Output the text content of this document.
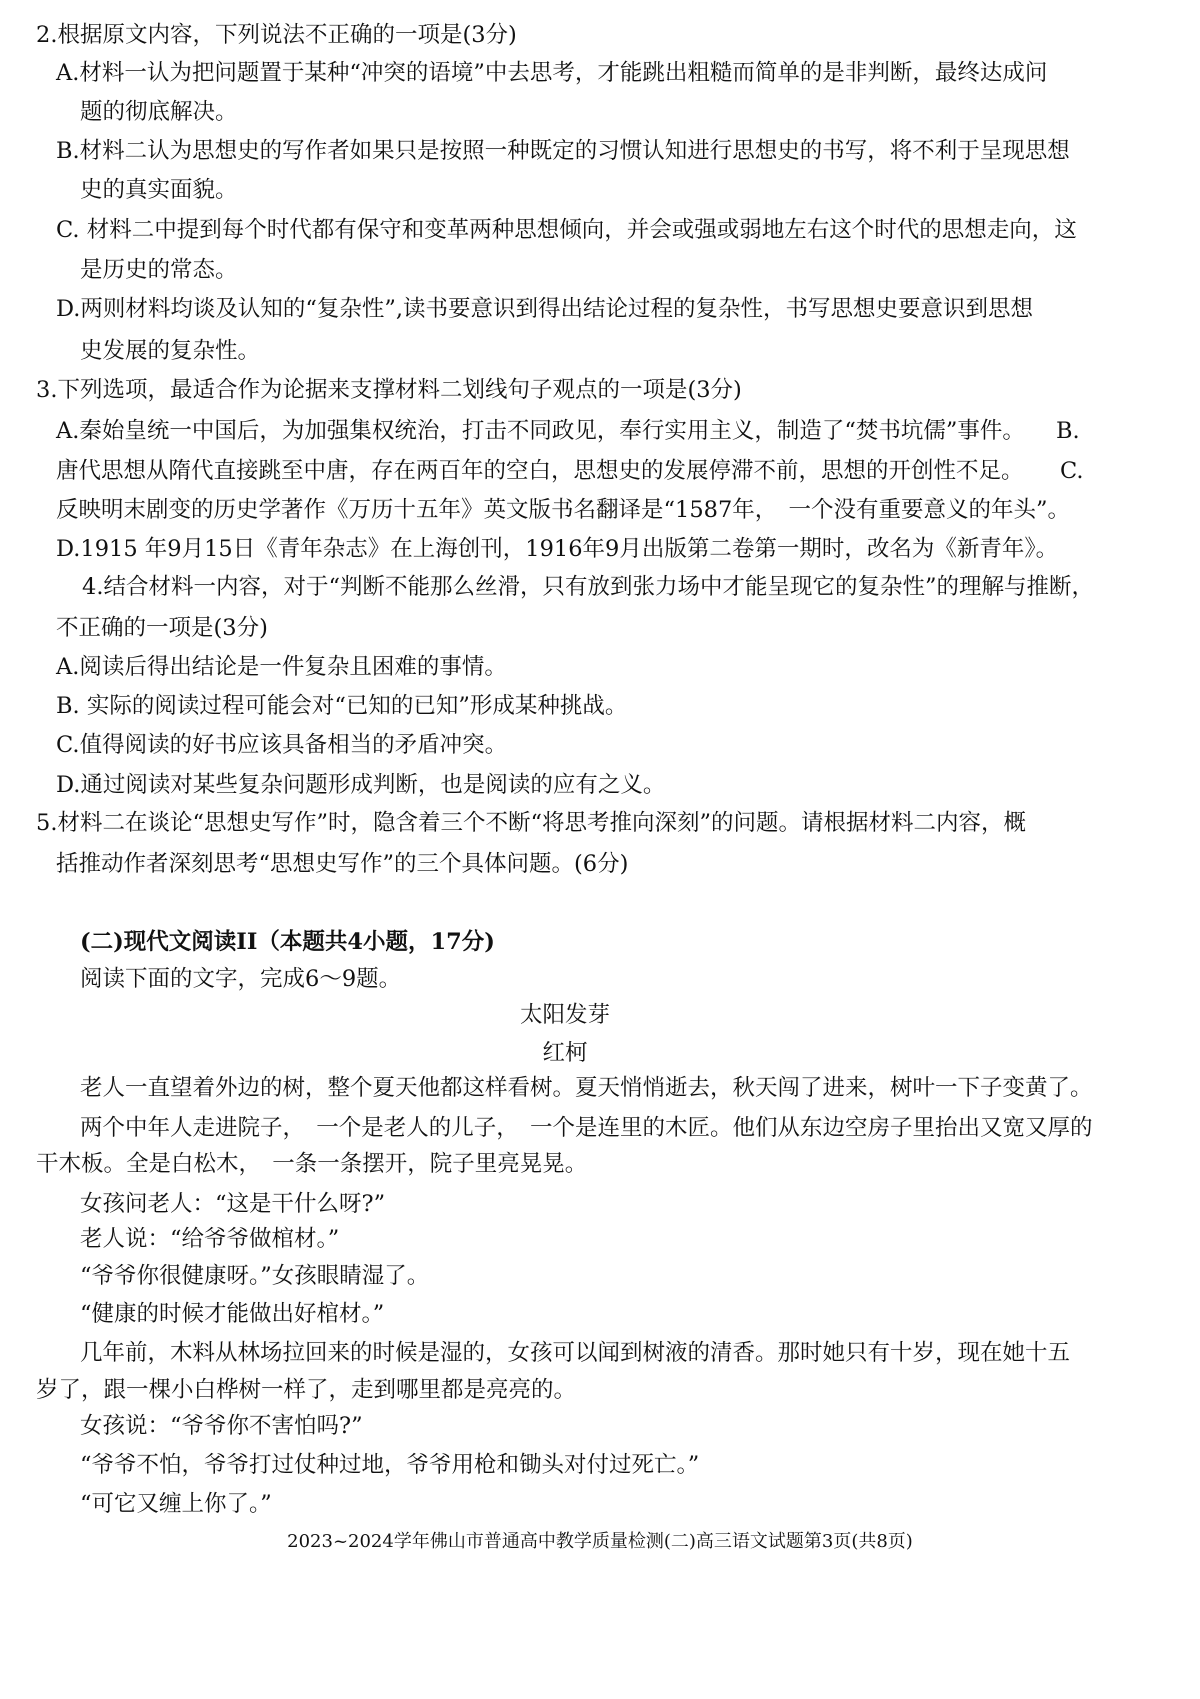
2.根据原文内容，下列说法不正确的一项是(3分)
A.材料一认为把问题置于某种“冲突的语境”中去思考，才能跳出粗糙而简单的是非判断，最终达成问
题的彻底解决。
B.材料二认为思想史的写作者如果只是按照一种既定的习惯认知进行思想史的书写，将不利于呈现思想
史的真实面貌。
C. 材料二中提到每个时代都有保守和变革两种思想倾向，并会或强或弱地左右这个时代的思想走向，这
是历史的常态。
D.两则材料均谈及认知的“复杂性”,读书要意识到得出结论过程的复杂性，书写思想史要意识到思想
史发展的复杂性。
3.下列选项，最适合作为论据来支撑材料二划线句子观点的一项是(3分)
A.秦始皇统一中国后，为加强集权统治，打击不同政见，奉行实用主义，制造了“焚书坑儒”事件。 B.
唐代思想从隋代直接跳至中唐，存在两百年的空白，思想史的发展停滞不前，思想的开创性不足。 C.
反映明末剧变的历史学著作《万历十五年》英文版书名翻译是“1587年，　一个没有重要意义的年头”。
D.1915 年9月15日《青年杂志》在上海创刊，1916年9月出版第二卷第一期时，改名为《新青年》。
4.结合材料一内容，对于“判断不能那么丝滑，只有放到张力场中才能呈现它的复杂性”的理解与推断，
不正确的一项是(3分)
A.阅读后得出结论是一件复杂且困难的事情。
B. 实际的阅读过程可能会对“已知的已知”形成某种挑战。
C.值得阅读的好书应该具备相当的矛盾冲突。
D.通过阅读对某些复杂问题形成判断，也是阅读的应有之义。
5.材料二在谈论“思想史写作”时，隐含着三个不断“将思考推向深刻”的问题。请根据材料二内容，概
括推动作者深刻思考“思想史写作”的三个具体问题。(6分)
(二)现代文阅读II（本题共4小题，17分)
阅读下面的文字，完成6～9题。
太阳发芽
红柯
老人一直望着外边的树，整个夏天他都这样看树。夏天悄悄逝去，秋天闯了进来，树叶一下子变黄了。
两个中年人走进院子，　一个是老人的儿子，　一个是连里的木匠。他们从东边空房子里抬出又宽又厚的
干木板。全是白松木，　一条一条摆开，院子里亮晃晃。
女孩问老人：“这是干什么呀?”
老人说：“给爷爷做棺材。”
“爷爷你很健康呀。”女孩眼睛湿了。
“健康的时候才能做出好棺材。”
几年前，木料从林场拉回来的时候是湿的，女孩可以闻到树液的清香。那时她只有十岁，现在她十五
岁了，跟一棵小白桦树一样了，走到哪里都是亮亮的。
女孩说：“爷爷你不害怕吗?”
“爷爷不怕，爷爷打过仗种过地，爷爷用枪和锄头对付过死亡。”
“可它又缠上你了。”
2023~2024学年佛山市普通高中教学质量检测(二)高三语文试题第3页(共8页)
